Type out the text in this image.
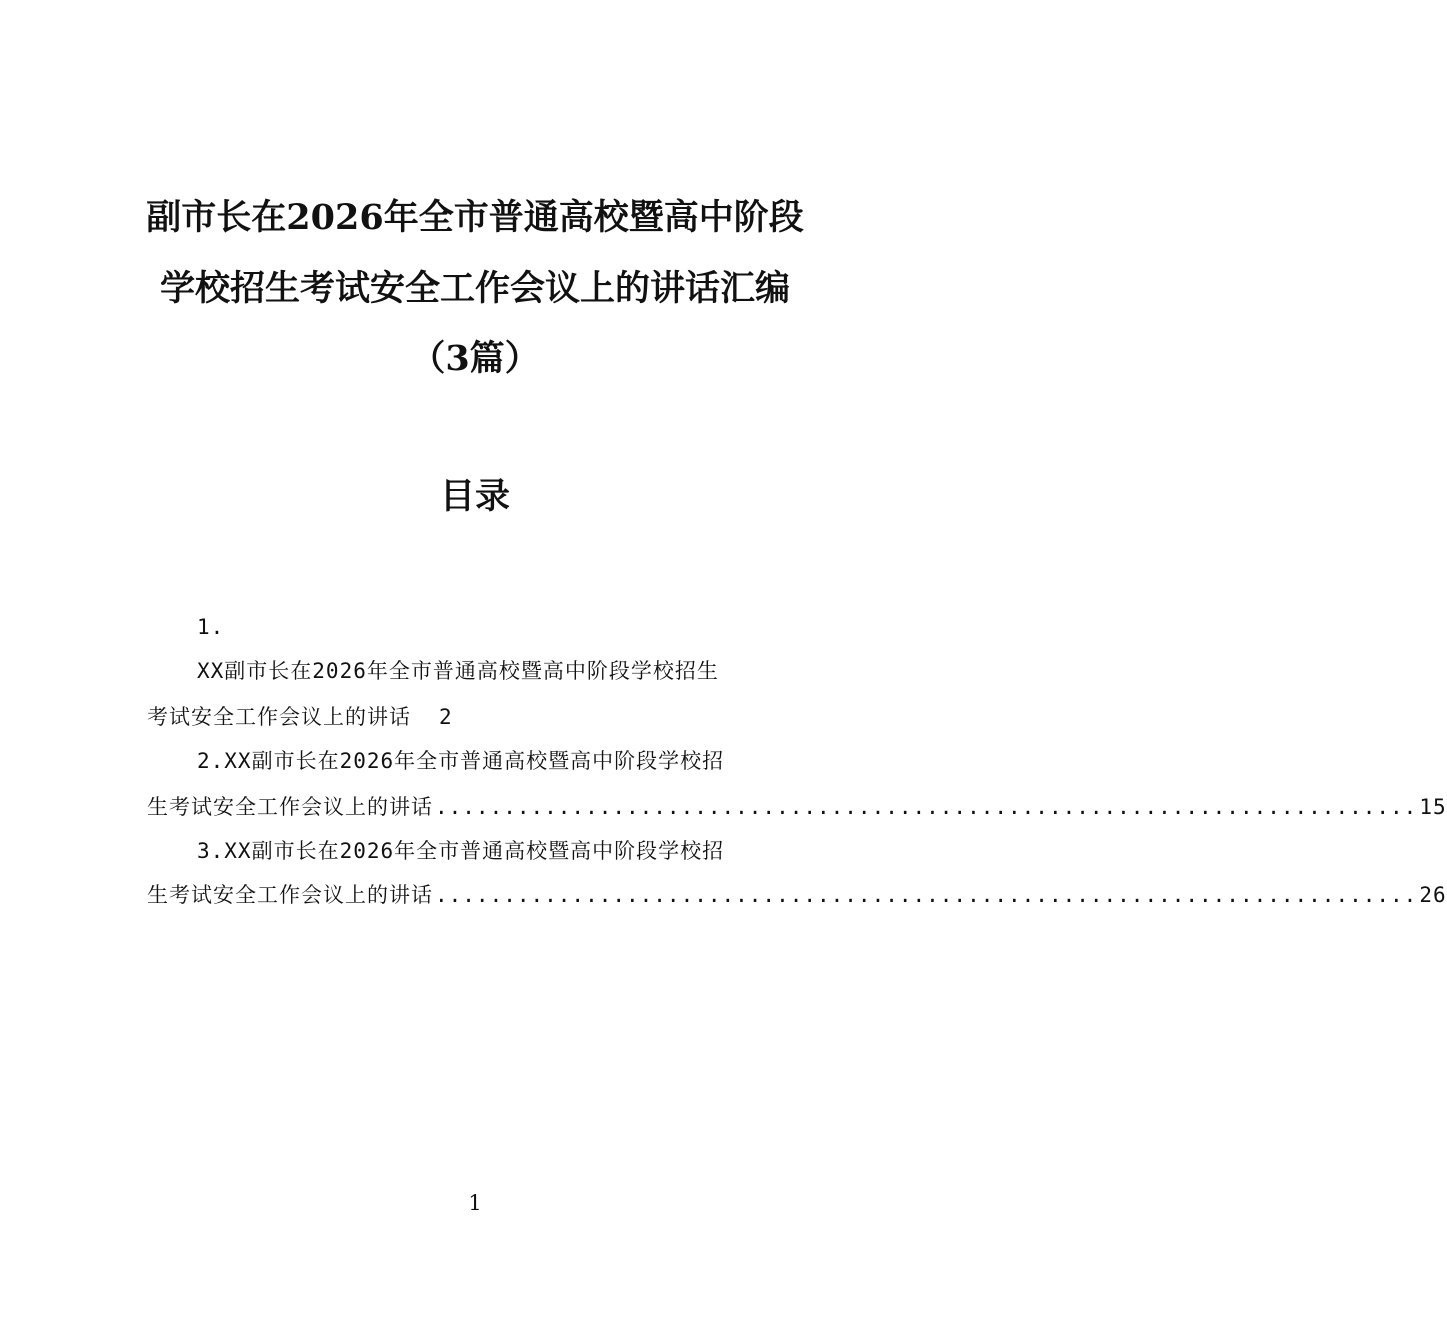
副市长在2026年全市普通高校暨高中阶段
学校招生考试安全工作会议上的讲话汇编
（3篇）
目录
1.
XX副市长在2026年全市普通高校暨高中阶段学校招生
考试安全工作会议上的讲话 2
2.XX副市长在2026年全市普通高校暨高中阶段学校招
生考试安全工作会议上的讲话 ........................................................................ 15
3.XX副市长在2026年全市普通高校暨高中阶段学校招
生考试安全工作会议上的讲话 ........................................................................ 26
1
